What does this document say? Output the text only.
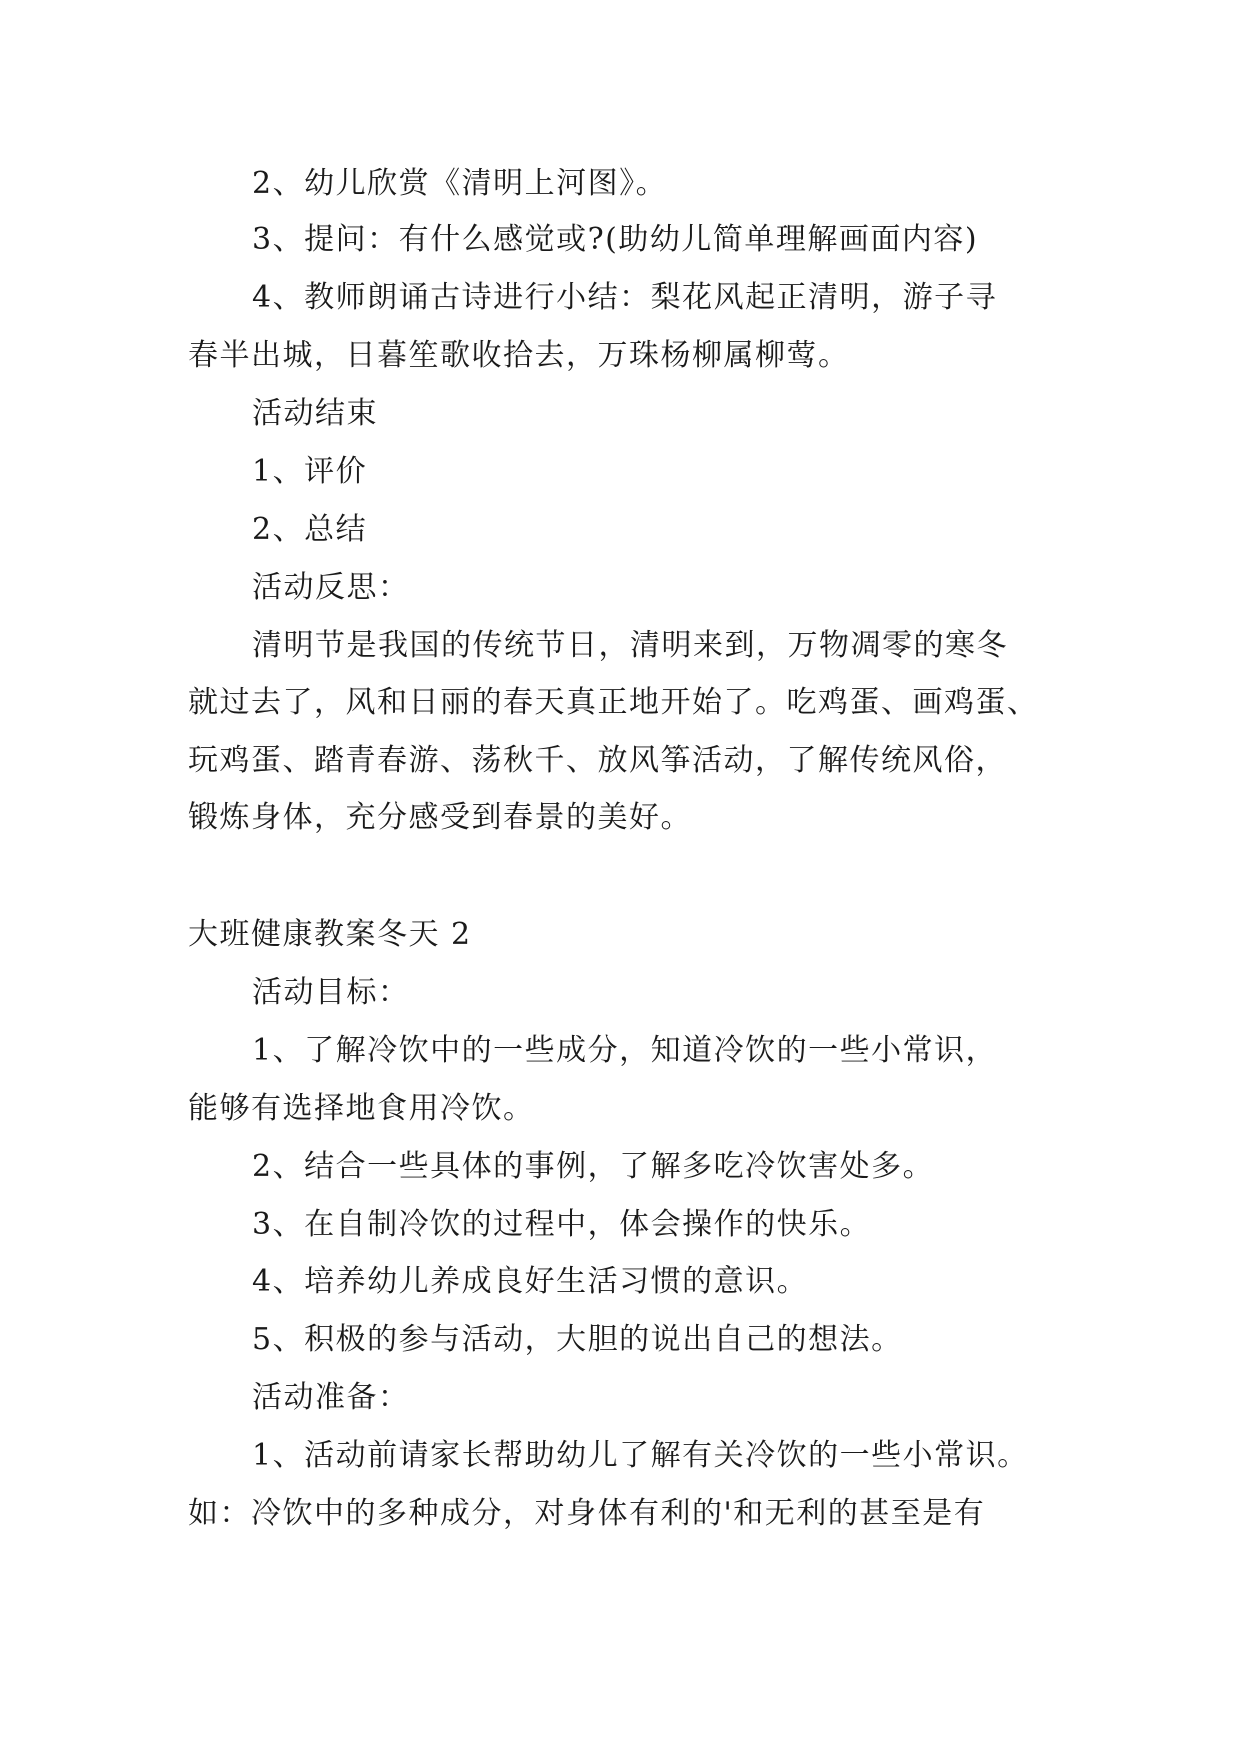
2、幼儿欣赏《清明上河图》。
3、提问：有什么感觉或?(助幼儿简单理解画面内容)
4、教师朗诵古诗进行小结：梨花风起正清明，游子寻
春半出城，日暮笙歌收拾去，万珠杨柳属柳莺。
活动结束
1、评价
2、总结
活动反思：
清明节是我国的传统节日，清明来到，万物凋零的寒冬
就过去了，风和日丽的春天真正地开始了。吃鸡蛋、画鸡蛋、
玩鸡蛋、踏青春游、荡秋千、放风筝活动，了解传统风俗，
锻炼身体，充分感受到春景的美好。
大班健康教案冬天 2
活动目标：
1、了解冷饮中的一些成分，知道冷饮的一些小常识，
能够有选择地食用冷饮。
2、结合一些具体的事例，了解多吃冷饮害处多。
3、在自制冷饮的过程中，体会操作的快乐。
4、培养幼儿养成良好生活习惯的意识。
5、积极的参与活动，大胆的说出自己的想法。
活动准备：
1、活动前请家长帮助幼儿了解有关冷饮的一些小常识。
如：冷饮中的多种成分，对身体有利的'和无利的甚至是有
